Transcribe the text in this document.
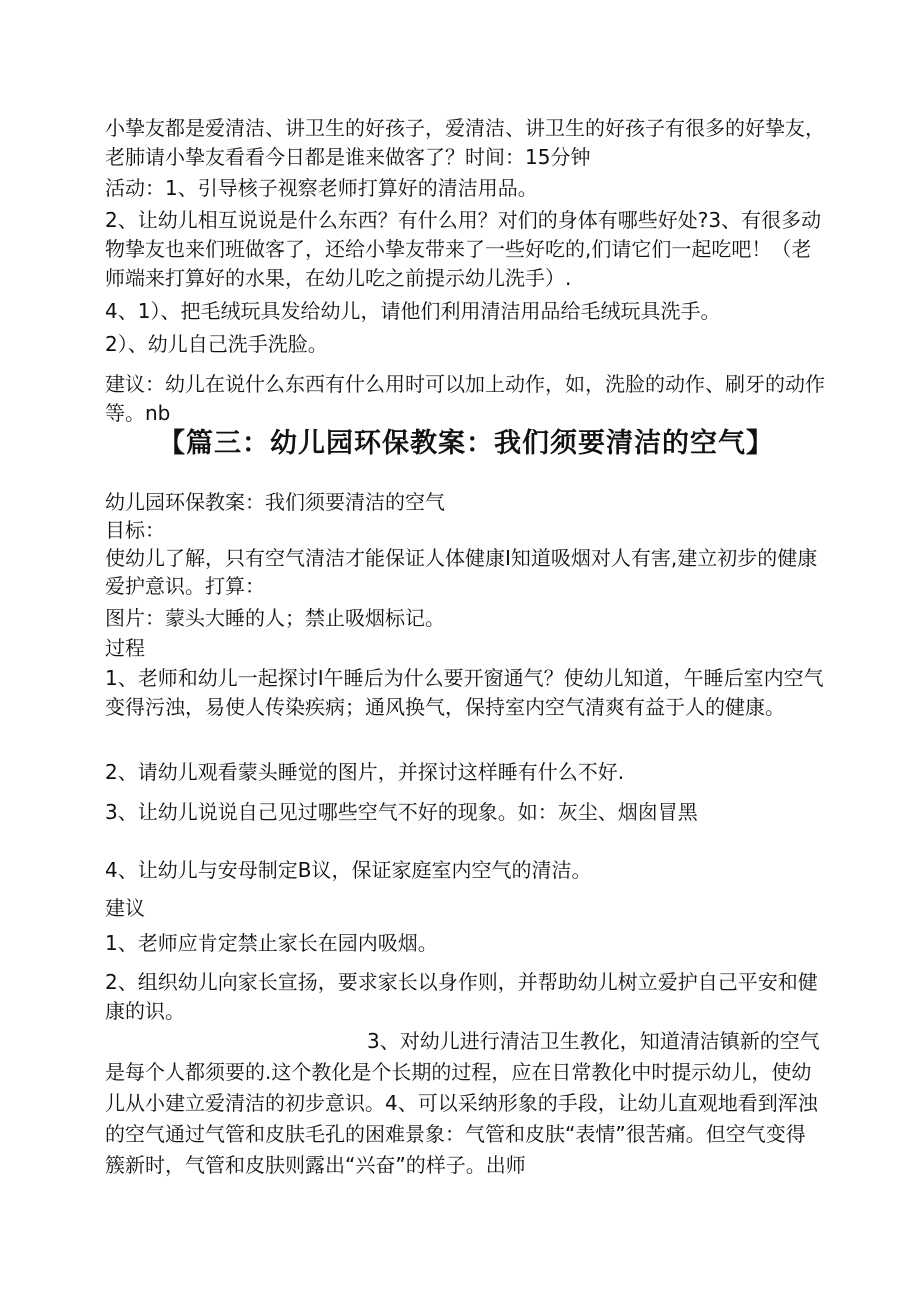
小挚友都是爱清洁、讲卫生的好孩子，爱清洁、讲卫生的好孩子有很多的好挚友，老肺请小挚友看看今日都是谁来做客了？时间：15分钟

活动：1、引导核子视察老师打算好的清洁用品。

2、让幼儿相互说说是什么东西？有什么用？对们的身体有哪些好处?3、有很多动物挚友也来们班做客了，还给小挚友带来了一些好吃的,们请它们一起吃吧！（老师端来打算好的水果，在幼儿吃之前提示幼儿洗手）.

4、1）、把毛绒玩具发给幼儿，请他们利用清洁用品给毛绒玩具洗手。

2）、幼儿自己洗手洗脸。

建议：幼儿在说什么东西有什么用时可以加上动作，如，洗脸的动作、刷牙的动作等。nb

【篇三：幼儿园环保教案：我们须要清洁的空气】

幼儿园环保教案：我们须要清洁的空气

目标：

使幼儿了解，只有空气清洁才能保证人体健康I知道吸烟对人有害,建立初步的健康爱护意识。打算：

图片：蒙头大睡的人；禁止吸烟标记。

过程

1、老师和幼儿一起探讨I午睡后为什么要开窗通气？使幼儿知道，午睡后室内空气变得污浊，易使人传染疾病；通风换气，保持室内空气清爽有益于人的健康。

2、请幼儿观看蒙头睡觉的图片，并探讨这样睡有什么不好.

3、让幼儿说说自己见过哪些空气不好的现象。如：灰尘、烟囱冒黑

4、让幼儿与安母制定B议，保证家庭室内空气的清洁。

建议

1、老师应肯定禁止家长在园内吸烟。

2、组织幼儿向家长宣扬，要求家长以身作则，并帮助幼儿树立爱护自己平安和健康的识。

3、对幼儿进行清洁卫生教化，知道清洁镇新的空气是每个人都须要的.这个教化是个长期的过程，应在日常教化中时提示幼儿，使幼儿从小建立爱清洁的初步意识。4、可以采纳形象的手段，让幼儿直观地看到浑浊的空气通过气管和皮肤毛孔的困难景象：气管和皮肤“表情”很苦痛。但空气变得簇新时，气管和皮肤则露出“兴奋”的样子。出师
